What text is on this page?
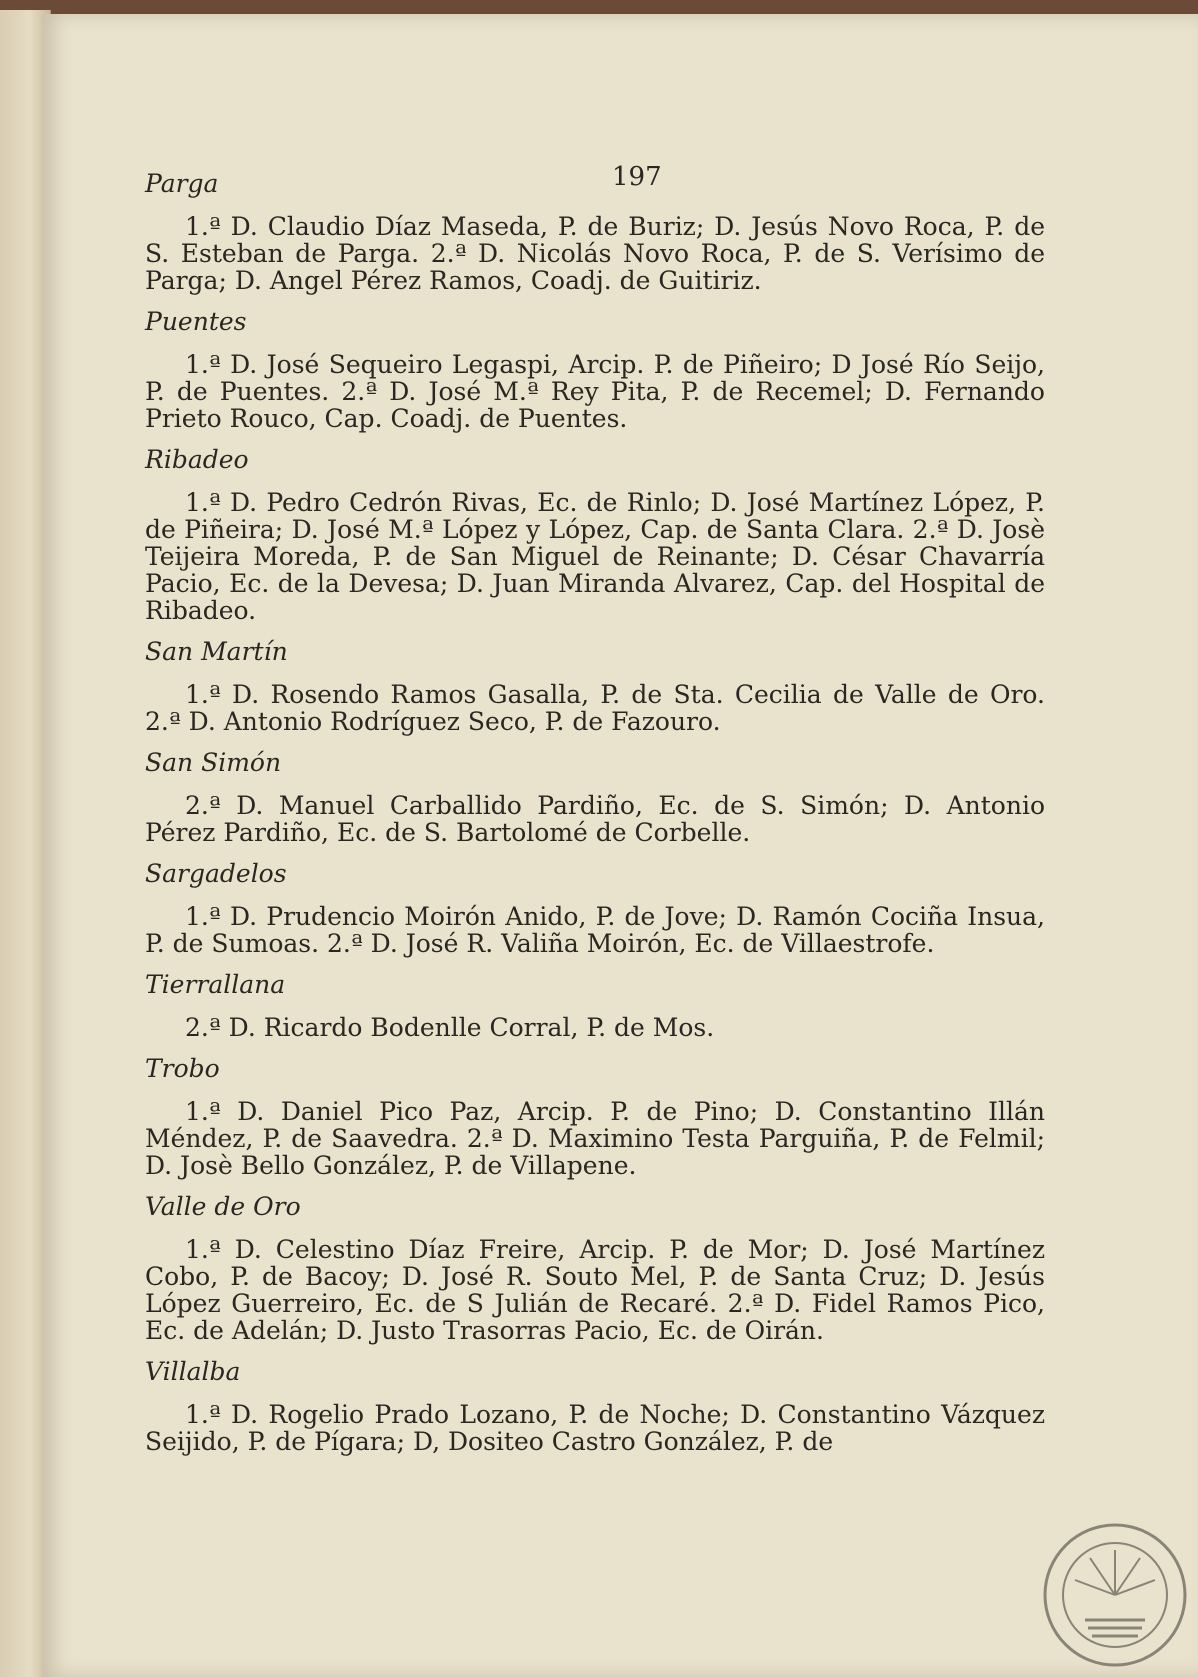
197

Parga

1.ª D. Claudio Díaz Maseda, P. de Buriz; D. Jesús Novo Roca, P. de S. Esteban de Parga. 2.ª D. Nicolás Novo Roca, P. de S. Verísimo de Parga; D. Angel Pérez Ramos, Coadj. de Guitiriz.

Puentes

1.ª D. José Sequeiro Legaspi, Arcip. P. de Piñeiro; D José Río Seijo, P. de Puentes. 2.ª D. José M.ª Rey Pita, P. de Recemel; D. Fernando Prieto Rouco, Cap. Coadj. de Puentes.

Ribadeo

1.ª D. Pedro Cedrón Rivas, Ec. de Rinlo; D. José Martínez López, P. de Piñeira; D. José M.ª López y López, Cap. de Santa Clara. 2.ª D. Josè Teijeira Moreda, P. de San Miguel de Reinante; D. César Chavarría Pacio, Ec. de la Devesa; D. Juan Miranda Alvarez, Cap. del Hospital de Ribadeo.

San Martín

1.ª D. Rosendo Ramos Gasalla, P. de Sta. Cecilia de Valle de Oro. 2.ª D. Antonio Rodríguez Seco, P. de Fazouro.

San Simón

2.ª D. Manuel Carballido Pardiño, Ec. de S. Simón; D. Antonio Pérez Pardiño, Ec. de S. Bartolomé de Corbelle.

Sargadelos

1.ª D. Prudencio Moirón Anido, P. de Jove; D. Ramón Cociña Insua, P. de Sumoas. 2.ª D. José R. Valiña Moirón, Ec. de Villaestrofe.

Tierrallana

2.ª D. Ricardo Bodenlle Corral, P. de Mos.

Trobo

1.ª D. Daniel Pico Paz, Arcip. P. de Pino; D. Constantino Illán Méndez, P. de Saavedra. 2.ª D. Maximino Testa Parguiña, P. de Felmil; D. Josè Bello González, P. de Villapene.

Valle de Oro

1.ª D. Celestino Díaz Freire, Arcip. P. de Mor; D. José Martínez Cobo, P. de Bacoy; D. José R. Souto Mel, P. de Santa Cruz; D. Jesús López Guerreiro, Ec. de S Julián de Recaré. 2.ª D. Fidel Ramos Pico, Ec. de Adelán; D. Justo Trasorras Pacio, Ec. de Oirán.

Villalba

1.ª D. Rogelio Prado Lozano, P. de Noche; D. Constantino Vázquez Seijido, P. de Pígara; D, Dositeo Castro González, P. de
